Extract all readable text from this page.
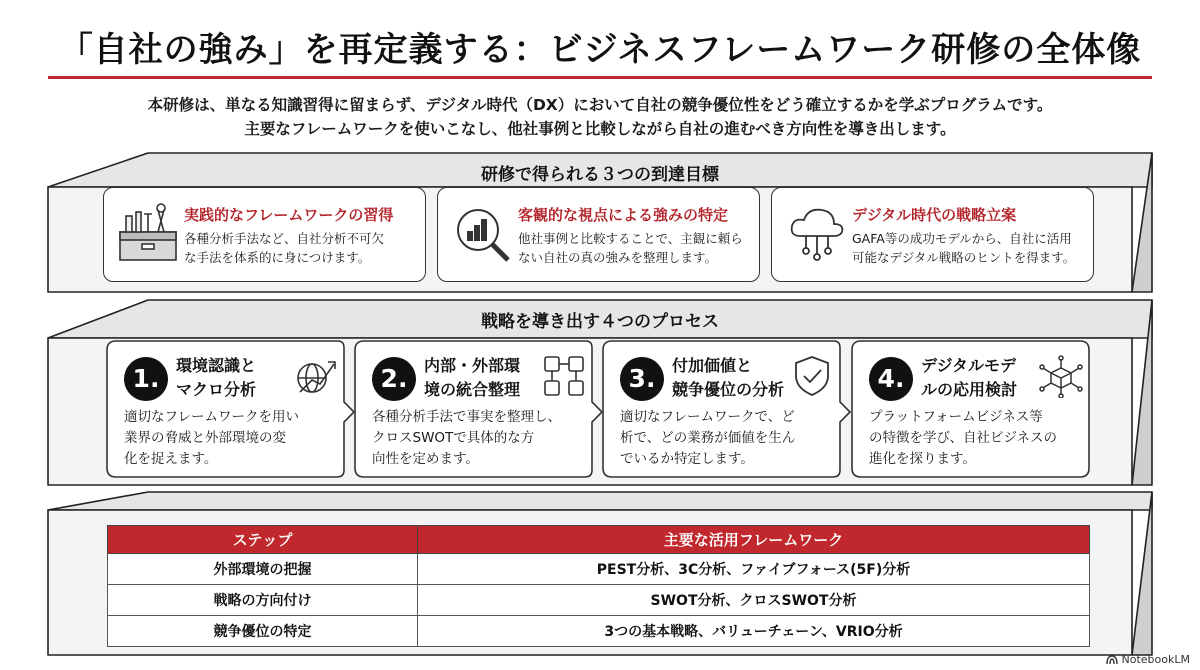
「自社の強み」を再定義する：ビジネスフレームワーク研修の全体像
本研修は、単なる知識習得に留まらず、デジタル時代（DX）において自社の競争優位性をどう確立するかを学ぶプログラムです。
主要なフレームワークを使いこなし、他社事例と比較しながら自社の進むべき方向性を導き出します。
研修で得られる３つの到達目標
戦略を導き出す４つのプロセス
実践的なフレームワークの習得
各種分析手法など、自社分析不可欠
な手法を体系的に身につけます。
客観的な視点による強みの特定
他社事例と比較することで、主観に頼ら
ない自社の真の強みを整理します。
デジタル時代の戦略立案
GAFA等の成功モデルから、自社に活用
可能なデジタル戦略のヒントを得ます。
1.	環境認識と
マクロ分析
適切なフレームワークを用い
業界の脅威と外部環境の変
化を捉えます。
2.	内部・外部環
境の統合整理
各種分析手法で事実を整理し、
クロスSWOTで具体的な方
向性を定めます。
3.	付加価値と
競争優位の分析
適切なフレームワークで、ど
析で、どの業務が価値を生ん
でいるか特定します。
4.	デジタルモデ
ルの応用検討
プラットフォームビジネス等
の特徴を学び、自社ビジネスの
進化を探ります。
ステップ	主要な活用フレームワーク
外部環境の把握	PEST分析、3C分析、ファイブフォース(5F)分析
戦略の方向付け	SWOT分析、クロスSWOT分析
競争優位の特定	3つの基本戦略、バリューチェーン、VRIO分析
NotebookLM
